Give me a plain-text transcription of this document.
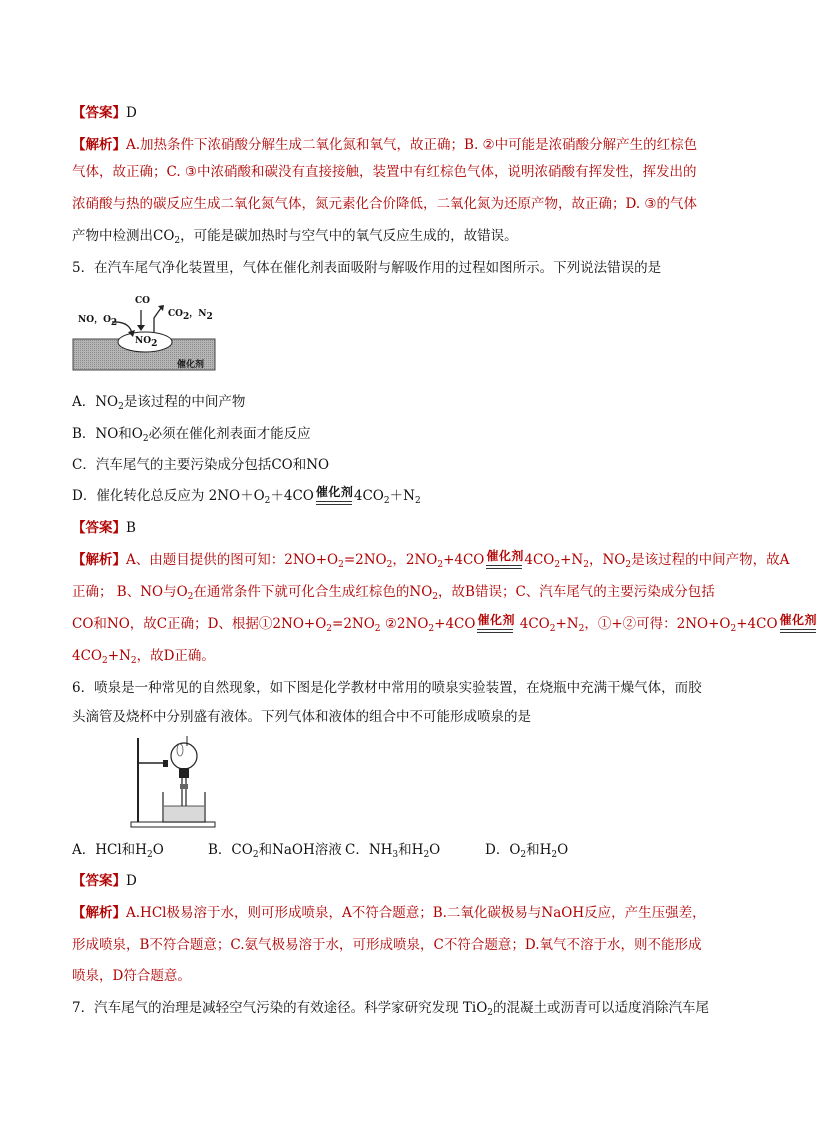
【答案】D
【解析】A.加热条件下浓硝酸分解生成二氧化氮和氧气，故正确；B. ②中可能是浓硝酸分解产生的红棕色
气体，故正确；C. ③中浓硝酸和碳没有直接接触，装置中有红棕色气体，说明浓硝酸有挥发性，挥发出的
浓硝酸与热的碳反应生成二氧化氮气体，氮元素化合价降低，二氧化氮为还原产物，故正确；D. ③的气体
产物中检测出$CO_2$，可能是碳加热时与空气中的氧气反应生成的，故错误。
5．在汽车尾气净化装置里，气体在催化剂表面吸附与解吸作用的过程如图所示。下列说法错误的是
NO，$O_2$
CO
$CO_2$，$N_2$
$NO_2$
催化剂
A．$NO_2$是该过程的中间产物
B．NO和$O_2$必须在催化剂表面才能反应
C．汽车尾气的主要污染成分包括CO和NO
D．催化转化总反应为 $2NO+O_2+4CO$ 催化剂 $4CO_2+N_2$
【答案】B
【解析】A、由题目提供的图可知：$2NO+O_2=2NO_2$，$2NO_2+4CO$ 催化剂 $4CO_2+N_2$，$NO_2$是该过程的中间产物，故A
正确； B、NO与$O_2$在通常条件下就可化合生成红棕色的$NO_2$，故B错误；C、汽车尾气的主要污染成分包括
CO和NO，故C正确；D、根据$①2NO+O_2=2NO_2$ $②2NO_2+4CO$ 催化剂 $4CO_2+N_2$，①+②可得：$2NO+O_2+4CO$ 催化剂
$4CO_2+N_2$，故D正确。
6．喷泉是一种常见的自然现象，如下图是化学教材中常用的喷泉实验装置，在烧瓶中充满干燥气体，而胶
头滴管及烧杯中分别盛有液体。下列气体和液体的组合中不可能形成喷泉的是
A．HCl和$H_2O$	B．$CO_2$和NaOH溶液 C．$NH_3$和$H_2O$	D．$O_2$和$H_2O$
【答案】D
【解析】A.HCl极易溶于水，则可形成喷泉，A不符合题意；B.二氧化碳极易与NaOH反应，产生压强差，
形成喷泉，B不符合题意；C.氨气极易溶于水，可形成喷泉，C不符合题意；D.氧气不溶于水，则不能形成
喷泉，D符合题意。
7．汽车尾气的治理是减轻空气污染的有效途径。科学家研究发现 TiO$_2$的混凝土或沥青可以适度消除汽车尾
